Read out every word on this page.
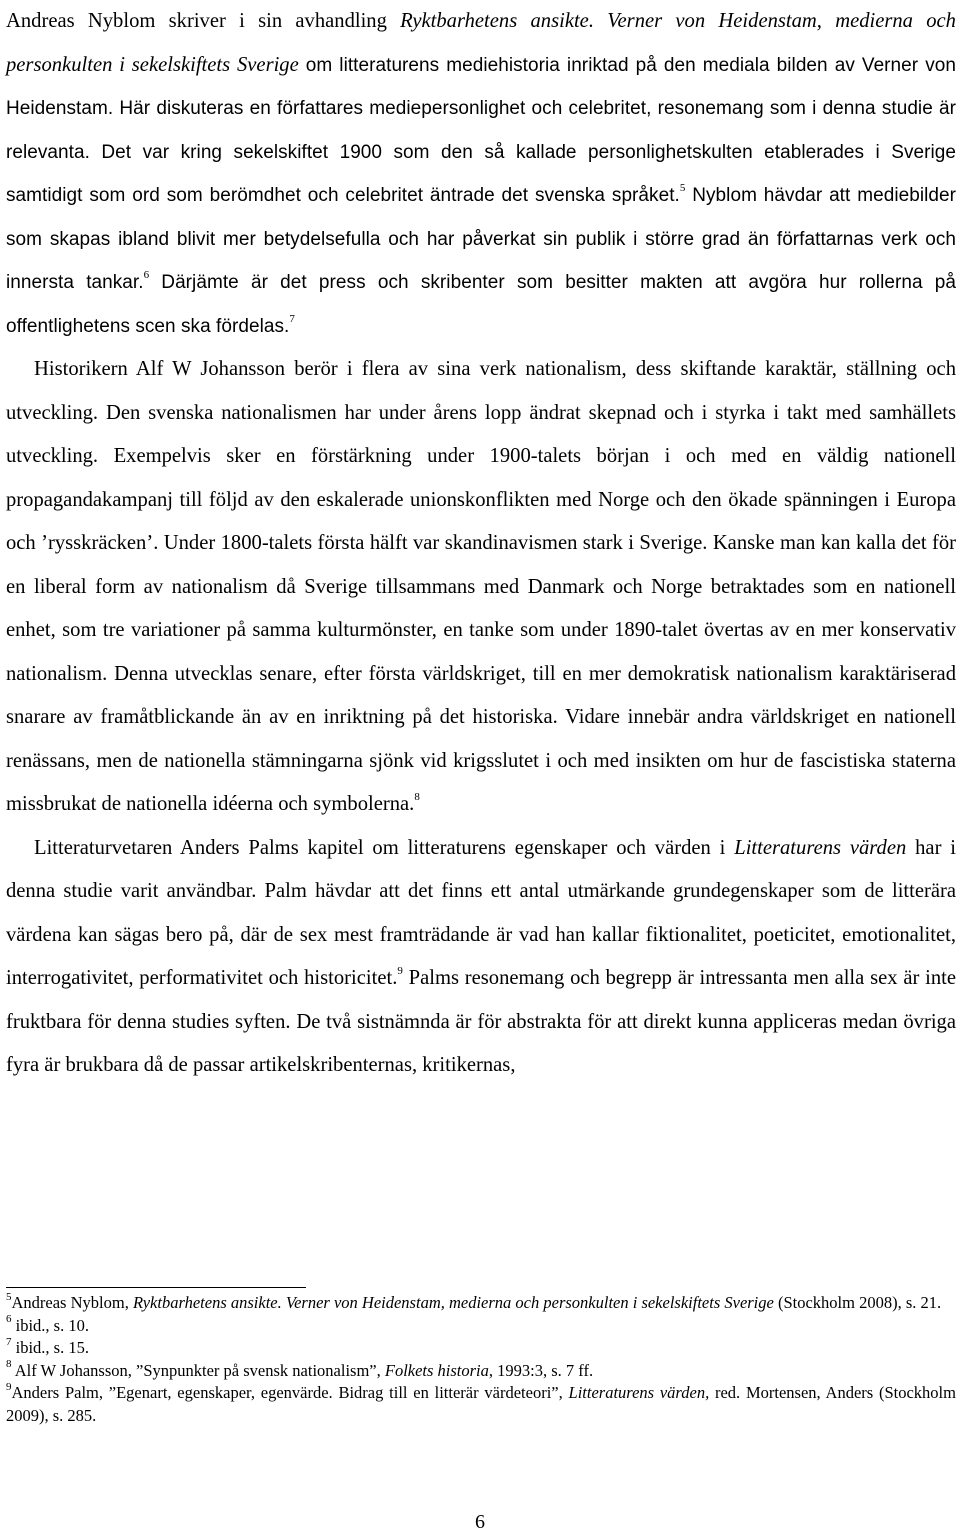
Andreas Nyblom skriver i sin avhandling Ryktbarhetens ansikte. Verner von Heidenstam, medierna och personkulten i sekelskiftets Sverige om litteraturens mediehistoria inriktad på den mediala bilden av Verner von Heidenstam. Här diskuteras en författares mediepersonlighet och celebritet, resonemang som i denna studie är relevanta. Det var kring sekelskiftet 1900 som den så kallade personlighetskulten etablerades i Sverige samtidigt som ord som berömdhet och celebritet äntrade det svenska språket.$^5$ Nyblom hävdar att mediebilder som skapas ibland blivit mer betydelsefulla och har påverkat sin publik i större grad än författarnas verk och innersta tankar.$^6$ Därjämte är det press och skribenter som besitter makten att avgöra hur rollerna på offentlighetens scen ska fördelas.$^7$

Historikern Alf W Johansson berör i flera av sina verk nationalism, dess skiftande karaktär, ställning och utveckling. Den svenska nationalismen har under årens lopp ändrat skepnad och i styrka i takt med samhällets utveckling. Exempelvis sker en förstärkning under 1900-talets början i och med en väldig nationell propagandakampanj till följd av den eskalerade unionskonflikten med Norge och den ökade spänningen i Europa och ’rysskräcken’. Under 1800-talets första hälft var skandinavismen stark i Sverige. Kanske man kan kalla det för en liberal form av nationalism då Sverige tillsammans med Danmark och Norge betraktades som en nationell enhet, som tre variationer på samma kulturmönster, en tanke som under 1890-talet övertas av en mer konservativ nationalism. Denna utvecklas senare, efter första världskriget, till en mer demokratisk nationalism karaktäriserad snarare av framåtblickande än av en inriktning på det historiska. Vidare innebär andra världskriget en nationell renässans, men de nationella stämningarna sjönk vid krigsslutet i och med insikten om hur de fascistiska staterna missbrukat de nationella idéerna och symbolerna.$^8$

Litteraturvetaren Anders Palms kapitel om litteraturens egenskaper och värden i Litteraturens värden har i denna studie varit användbar. Palm hävdar att det finns ett antal utmärkande grundegenskaper som de litterära värdena kan sägas bero på, där de sex mest framträdande är vad han kallar fiktionalitet, poeticitet, emotionalitet, interrogativitet, performativitet och historicitet.$^9$ Palms resonemang och begrepp är intressanta men alla sex är inte fruktbara för denna studies syften. De två sistnämnda är för abstrakta för att direkt kunna appliceras medan övriga fyra är brukbara då de passar artikelskribenternas, kritikernas,

$^5$Andreas Nyblom, Ryktbarhetens ansikte. Verner von Heidenstam, medierna och personkulten i sekelskiftets Sverige (Stockholm 2008), s. 21.

$^6$ ibid., s. 10.

$^7$ ibid., s. 15.

$^8$ Alf W Johansson, ”Synpunkter på svensk nationalism”, Folkets historia, 1993:3, s. 7 ff.

$^9$Anders Palm, ”Egenart, egenskaper, egenvärde. Bidrag till en litterär värdeteori”, Litteraturens värden, red. Mortensen, Anders (Stockholm 2009), s. 285.

6
